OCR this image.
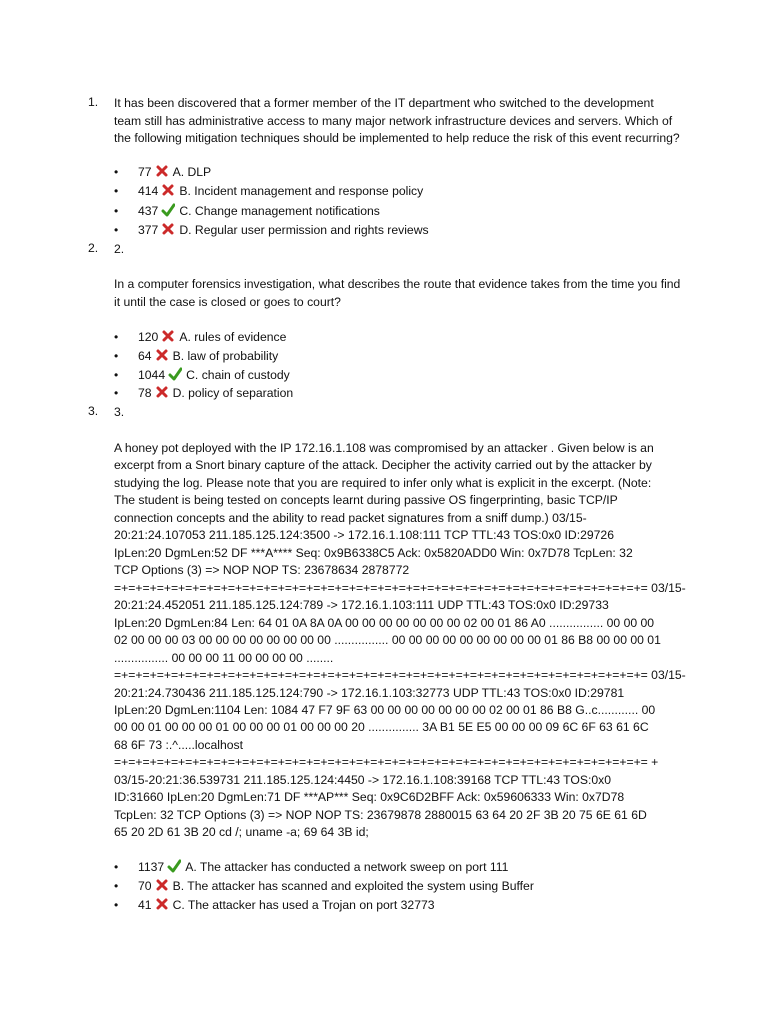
1. It has been discovered that a former member of the IT department who switched to the development team still has administrative access to many major network infrastructure devices and servers. Which of the following mitigation techniques should be implemented to help reduce the risk of this event recurring?

• 77 A. DLP
• 414 B. Incident management and response policy
• 437 C. Change management notifications
• 377 D. Regular user permission and rights reviews
2. 2.

In a computer forensics investigation, what describes the route that evidence takes from the time you find it until the case is closed or goes to court?

• 120 A. rules of evidence
• 64 B. law of probability
• 1044 C. chain of custody
• 78 D. policy of separation
3. 3.
A honey pot deployed with the IP 172.16.1.108 was compromised by an attacker . Given below is an
excerpt from a Snort binary capture of the attack. Decipher the activity carried out by the attacker by
studying the log. Please note that you are required to infer only what is explicit in the excerpt. (Note:
The student is being tested on concepts learnt during passive OS fingerprinting, basic TCP/IP
connection concepts and the ability to read packet signatures from a sniff dump.) 03/15-
20:21:24.107053 211.185.125.124:3500 -> 172.16.1.108:111 TCP TTL:43 TOS:0x0 ID:29726
IpLen:20 DgmLen:52 DF ***A**** Seq: 0x9B6338C5 Ack: 0x5820ADD0 Win: 0x7D78 TcpLen: 32
TCP Options (3) => NOP NOP TS: 23678634 2878772
=+=+=+=+=+=+=+=+=+=+=+=+=+=+=+=+=+=+=+=+=+=+=+=+=+=+=+=+=+=+=+=+=+=+=+=+=+= 03/15-
20:21:24.452051 211.185.125.124:789 -> 172.16.1.103:111 UDP TTL:43 TOS:0x0 ID:29733
IpLen:20 DgmLen:84 Len: 64 01 0A 8A 0A 00 00 00 00 00 00 00 02 00 01 86 A0 ................ 00 00 00
02 00 00 00 03 00 00 00 00 00 00 00 00 ................ 00 00 00 00 00 00 00 00 00 01 86 B8 00 00 00 01
................ 00 00 00 11 00 00 00 00 ........
=+=+=+=+=+=+=+=+=+=+=+=+=+=+=+=+=+=+=+=+=+=+=+=+=+=+=+=+=+=+=+=+=+=+=+=+=+= 03/15-
20:21:24.730436 211.185.125.124:790 -> 172.16.1.103:32773 UDP TTL:43 TOS:0x0 ID:29781
IpLen:20 DgmLen:1104 Len: 1084 47 F7 9F 63 00 00 00 00 00 00 00 02 00 01 86 B8 G..c............ 00
00 00 01 00 00 00 01 00 00 00 01 00 00 00 20 ............... 3A B1 5E E5 00 00 00 09 6C 6F 63 61 6C
68 6F 73 :.^.....localhost
=+=+=+=+=+=+=+=+=+=+=+=+=+=+=+=+=+=+=+=+=+=+=+=+=+=+=+=+=+=+=+=+=+=+=+=+=+= +
03/15-20:21:36.539731 211.185.125.124:4450 -> 172.16.1.108:39168 TCP TTL:43 TOS:0x0
ID:31660 IpLen:20 DgmLen:71 DF ***AP*** Seq: 0x9C6D2BFF Ack: 0x59606333 Win: 0x7D78
TcpLen: 32 TCP Options (3) => NOP NOP TS: 23679878 2880015 63 64 20 2F 3B 20 75 6E 61 6D
65 20 2D 61 3B 20 cd /; uname -a; 69 64 3B id;
• 1137 A. The attacker has conducted a network sweep on port 111
• 70 B. The attacker has scanned and exploited the system using Buffer
• 41 C. The attacker has used a Trojan on port 32773
